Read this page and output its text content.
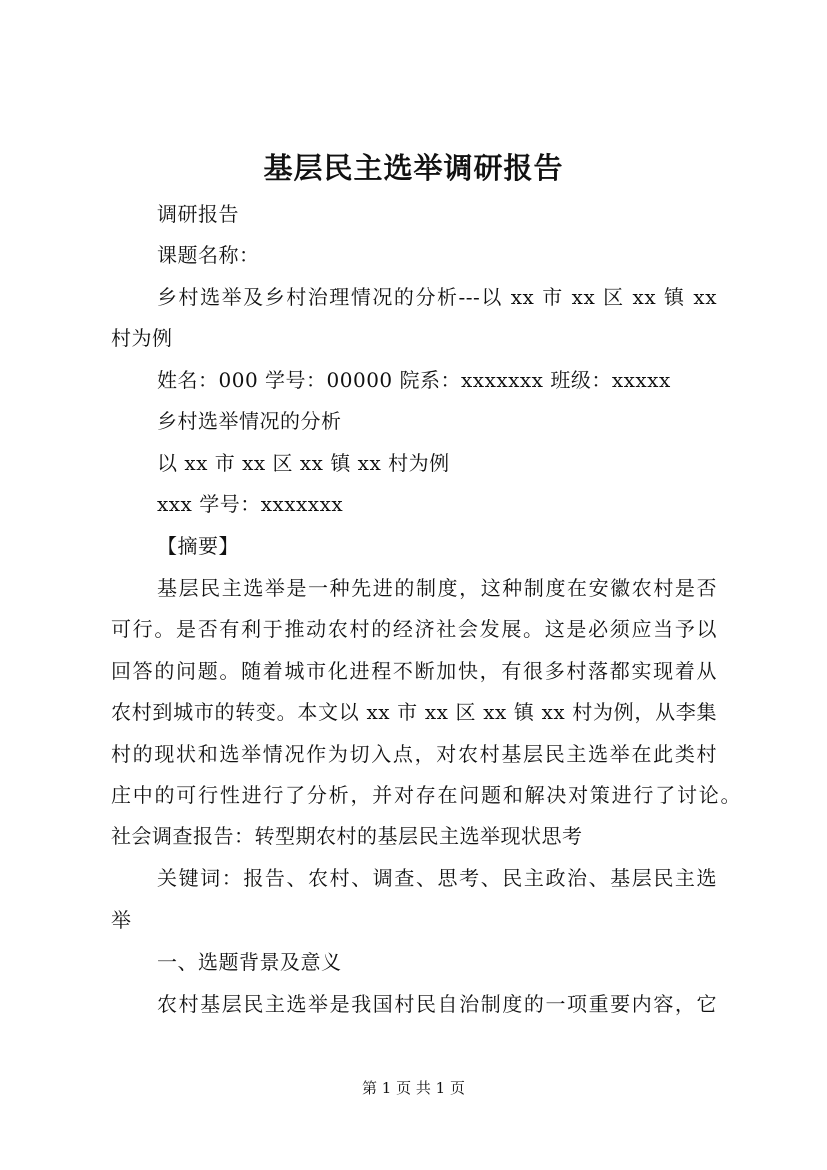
基层民主选举调研报告
调研报告
课题名称：
乡村选举及乡村治理情况的分析---以 xx 市 xx 区 xx 镇 xx
村为例
姓名：000 学号：00000 院系：xxxxxxx 班级：xxxxx
乡村选举情况的分析
以 xx 市 xx 区 xx 镇 xx 村为例
xxx 学号：xxxxxxx
【摘要】
基层民主选举是一种先进的制度，这种制度在安徽农村是否
可行。是否有利于推动农村的经济社会发展。这是必须应当予以
回答的问题。随着城市化进程不断加快，有很多村落都实现着从
农村到城市的转变。本文以 xx 市 xx 区 xx 镇 xx 村为例，从李集
村的现状和选举情况作为切入点，对农村基层民主选举在此类村
庄中的可行性进行了分析，并对存在问题和解决对策进行了讨论。
社会调查报告：转型期农村的基层民主选举现状思考
关键词：报告、农村、调查、思考、民主政治、基层民主选
举
一、选题背景及意义
农村基层民主选举是我国村民自治制度的一项重要内容，它
第 1 页 共 1 页
